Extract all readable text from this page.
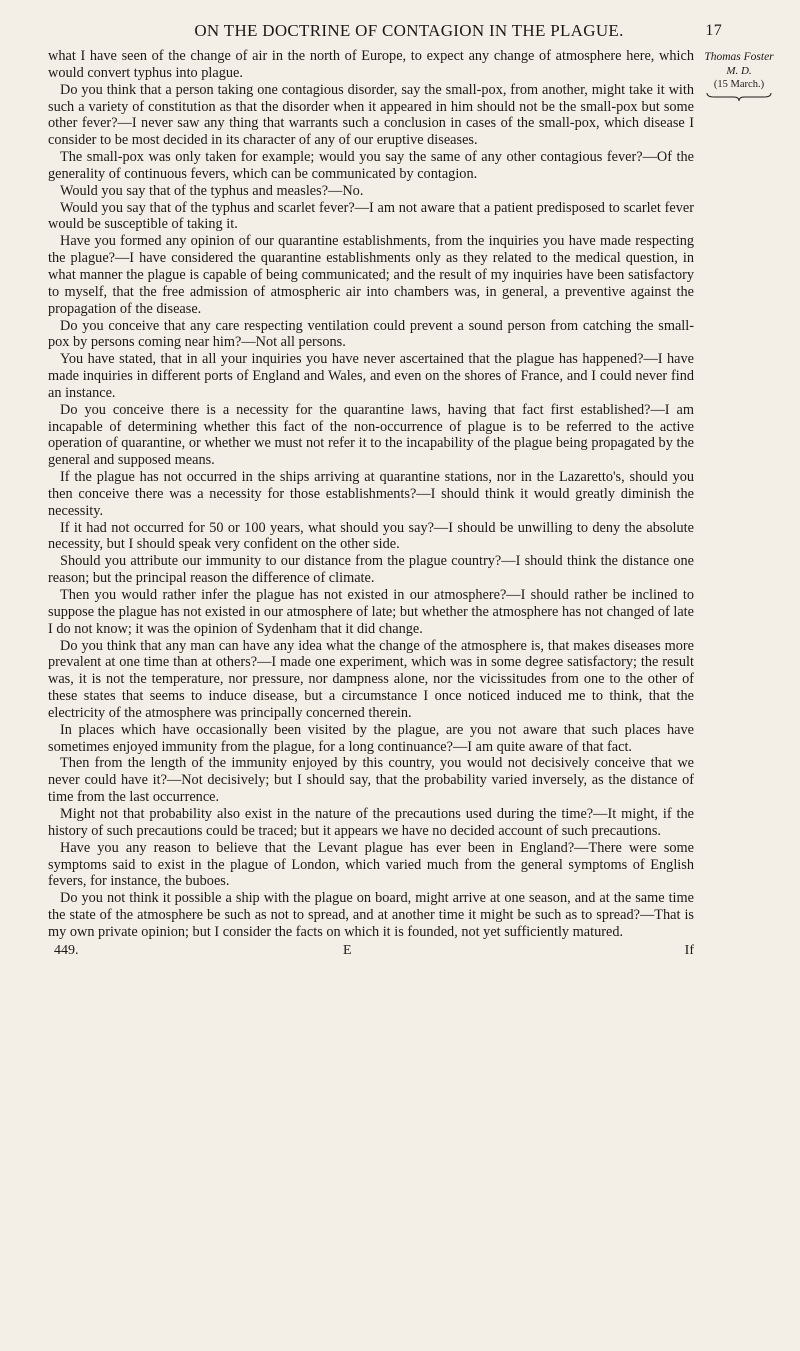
ON THE DOCTRINE OF CONTAGION IN THE PLAGUE.	17
Thomas Foster
M. D.
(15 March.)

what I have seen of the change of air in the north of Europe, to expect any change of atmosphere here, which would convert typhus into plague.

Do you think that a person taking one contagious disorder, say the small-pox, from another, might take it with such a variety of constitution as that the disorder when it appeared in him should not be the small-pox but some other fever?—I never saw any thing that warrants such a conclusion in cases of the small-pox, which disease I consider to be most decided in its character of any of our eruptive diseases.

The small-pox was only taken for example; would you say the same of any other contagious fever?—Of the generality of continuous fevers, which can be communicated by contagion.

Would you say that of the typhus and measles?—No.

Would you say that of the typhus and scarlet fever?—I am not aware that a patient predisposed to scarlet fever would be susceptible of taking it.

Have you formed any opinion of our quarantine establishments, from the inquiries you have made respecting the plague?—I have considered the quarantine establishments only as they related to the medical question, in what manner the plague is capable of being communicated; and the result of my inquiries have been satisfactory to myself, that the free admission of atmospheric air into chambers was, in general, a preventive against the propagation of the disease.

Do you conceive that any care respecting ventilation could prevent a sound person from catching the small-pox by persons coming near him?—Not all persons.

You have stated, that in all your inquiries you have never ascertained that the plague has happened?—I have made inquiries in different ports of England and Wales, and even on the shores of France, and I could never find an instance.

Do you conceive there is a necessity for the quarantine laws, having that fact first established?—I am incapable of determining whether this fact of the non-occurrence of plague is to be referred to the active operation of quarantine, or whether we must not refer it to the incapability of the plague being propagated by the general and supposed means.

If the plague has not occurred in the ships arriving at quarantine stations, nor in the Lazaretto's, should you then conceive there was a necessity for those establishments?—I should think it would greatly diminish the necessity.

If it had not occurred for 50 or 100 years, what should you say?—I should be unwilling to deny the absolute necessity, but I should speak very confident on the other side.

Should you attribute our immunity to our distance from the plague country?—I should think the distance one reason; but the principal reason the difference of climate.

Then you would rather infer the plague has not existed in our atmosphere?—I should rather be inclined to suppose the plague has not existed in our atmosphere of late; but whether the atmosphere has not changed of late I do not know; it was the opinion of Sydenham that it did change.

Do you think that any man can have any idea what the change of the atmosphere is, that makes diseases more prevalent at one time than at others?—I made one experiment, which was in some degree satisfactory; the result was, it is not the temperature, nor pressure, nor dampness alone, nor the vicissitudes from one to the other of these states that seems to induce disease, but a circumstance I once noticed induced me to think, that the electricity of the atmosphere was principally concerned therein.

In places which have occasionally been visited by the plague, are you not aware that such places have sometimes enjoyed immunity from the plague, for a long continuance?—I am quite aware of that fact.

Then from the length of the immunity enjoyed by this country, you would not decisively conceive that we never could have it?—Not decisively; but I should say, that the probability varied inversely, as the distance of time from the last occurrence.

Might not that probability also exist in the nature of the precautions used during the time?—It might, if the history of such precautions could be traced; but it appears we have no decided account of such precautions.

Have you any reason to believe that the Levant plague has ever been in England?—There were some symptoms said to exist in the plague of London, which varied much from the general symptoms of English fevers, for instance, the buboes.

Do you not think it possible a ship with the plague on board, might arrive at one season, and at the same time the state of the atmosphere be such as not to spread, and at another time it might be such as to spread?—That is my own private opinion; but I consider the facts on which it is founded, not yet sufficiently matured.

449.	E	If
